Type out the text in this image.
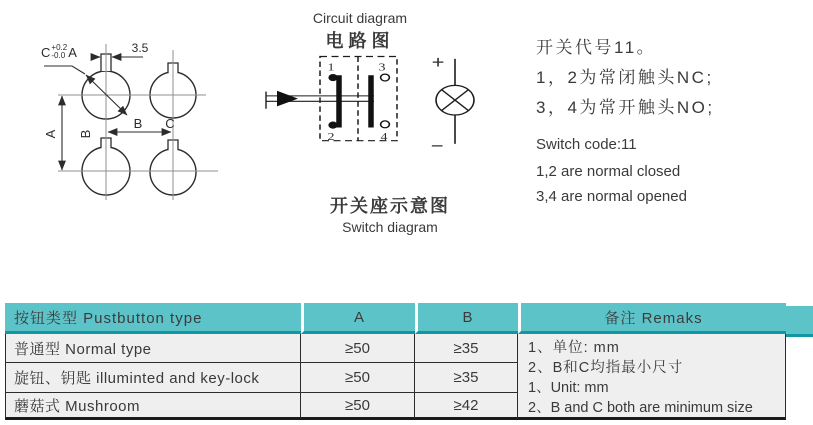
3.5
A B
B C
C +0.2
-0.0 A
Circuit diagram
电路图
1
2
3
4
+
−
开关座示意图
Switch diagram
开关代号11。
1，2为常闭触头NC;
3，4为常开触头NO;
Switch code:11
1,2 are normal closed
3,4 are normal opened
按钮类型 Pustbutton type	A	B	备注 Remaks
普通型 Normal type	≥50	≥35	1、单位: mm
2、B和C均指最小尺寸
1、Unit: mm
2、B and C both are minimum size
旋钮、钥匙 illuminted and key-lock	≥50	≥35
蘑菇式 Mushroom	≥50	≥42
